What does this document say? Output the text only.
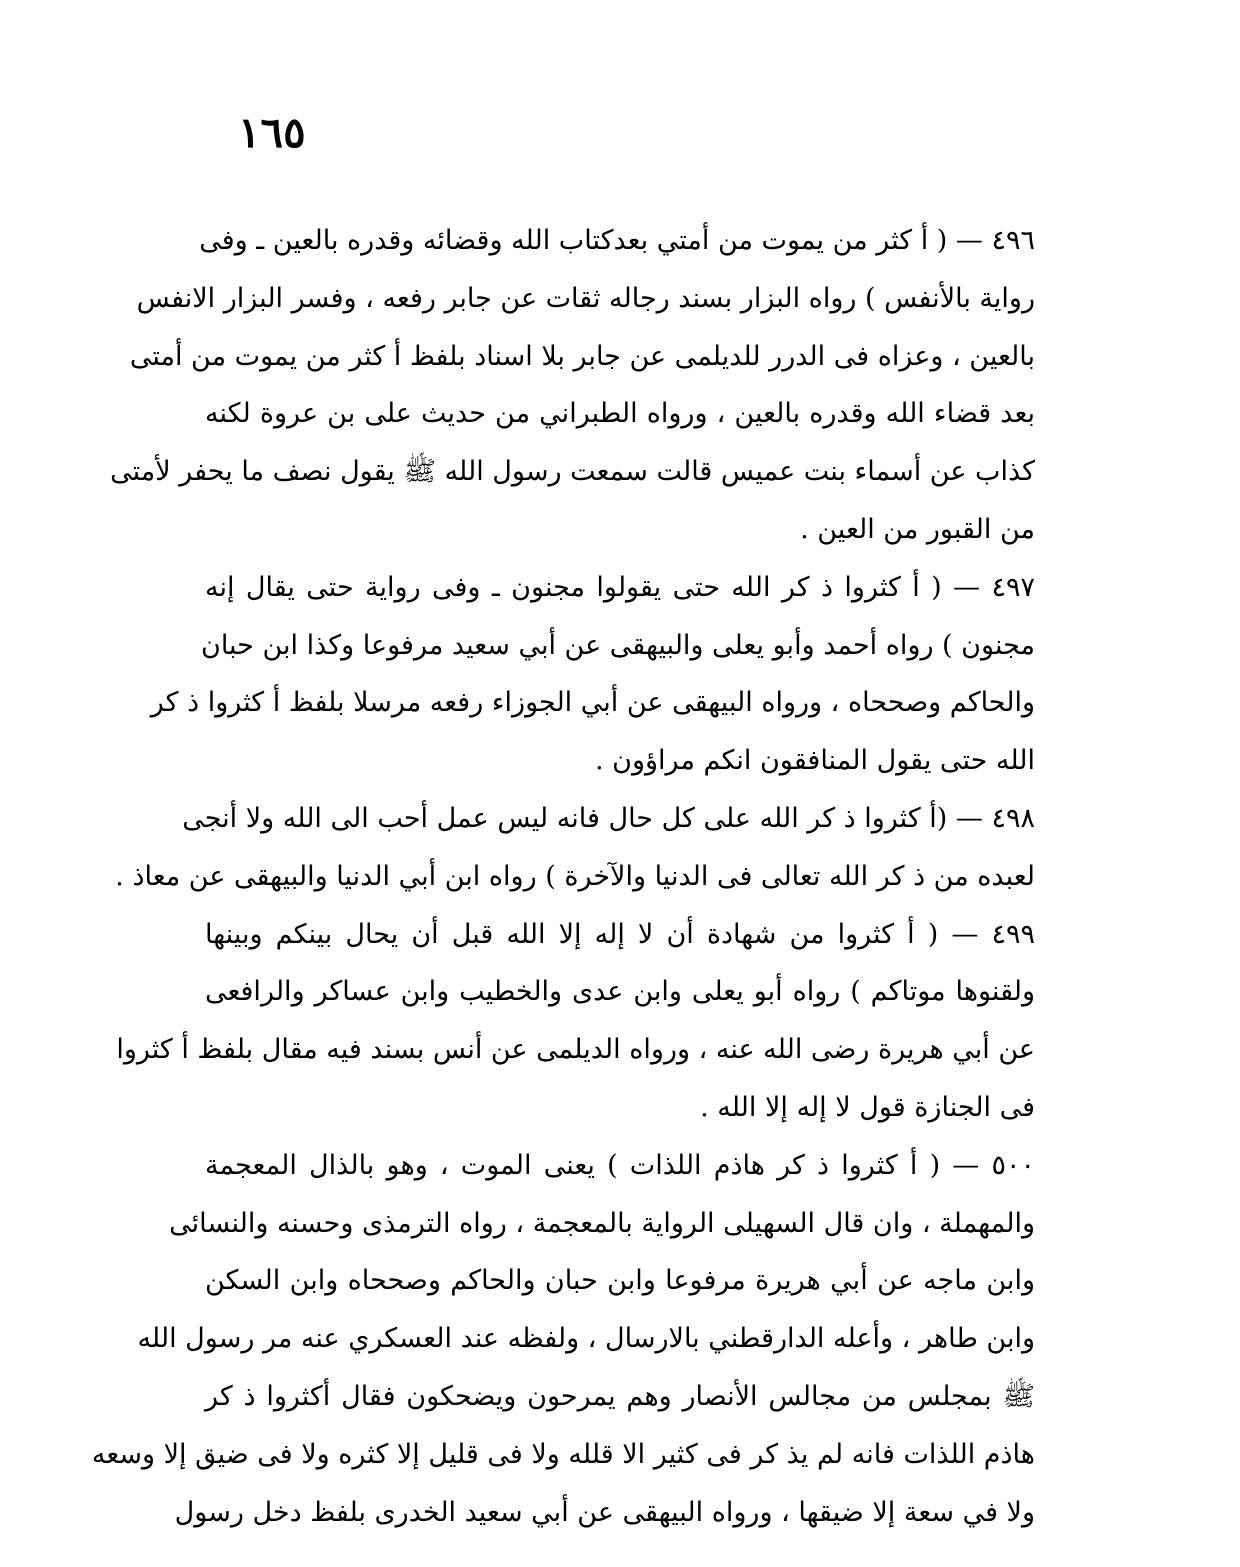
١٦٥
٤٩٦ — ( أ كثر من يموت من أمتي بعدكتاب الله وقضائه وقدره بالعين ـ وفى
رواية بالأنفس ) رواه البزار بسند رجاله ثقات عن جابر رفعه ، وفسر البزار الانفس
بالعين ، وعزاه فى الدرر للديلمى عن جابر بلا اسناد بلفظ أ كثر من يموت من أمتى
بعد قضاء الله وقدره بالعين ، ورواه الطبراني من حديث على بن عروة لكنه
كذاب عن أسماء بنت عميس قالت سمعت رسول الله ﷺ يقول نصف ما يحفر لأمتى
من القبور من العين .
٤٩٧ — ( أ كثروا ذ كر الله حتى يقولوا مجنون ـ وفى رواية حتى يقال إنه
مجنون ) رواه أحمد وأبو يعلى والبيهقى عن أبي سعيد مرفوعا وكذا ابن حبان
والحاكم وصححاه ، ورواه البيهقى عن أبي الجوزاء رفعه مرسلا بلفظ أ كثروا ذ كر
الله حتى يقول المنافقون انكم مراؤون .
٤٩٨ — (أ كثروا ذ كر الله على كل حال فانه ليس عمل أحب الى الله ولا أنجى
لعبده من ذ كر الله تعالى فى الدنيا والآخرة ) رواه ابن أبي الدنيا والبيهقى عن معاذ .
٤٩٩ — ( أ كثروا من شهادة أن لا إله إلا الله قبل أن يحال بينكم وبينها
ولقنوها موتاكم ) رواه أبو يعلى وابن عدى والخطيب وابن عساكر والرافعى
عن أبي هريرة رضى الله عنه ، ورواه الديلمى عن أنس بسند فيه مقال بلفظ أ كثروا
فى الجنازة قول لا إله إلا الله .
٥٠٠ — ( أ كثروا ذ كر هاذم اللذات ) يعنى الموت ، وهو بالذال المعجمة
والمهملة ، وان قال السهيلى الرواية بالمعجمة ، رواه الترمذى وحسنه والنسائى
وابن ماجه عن أبي هريرة مرفوعا وابن حبان والحاكم وصححاه وابن السكن
وابن طاهر ، وأعله الدارقطني بالارسال ، ولفظه عند العسكري عنه مر رسول الله
ﷺ بمجلس من مجالس الأنصار وهم يمرحون ويضحكون فقال أكثروا ذ كر
هاذم اللذات فانه لم يذ كر فى كثير الا قلله ولا فى قليل إلا كثره ولا فى ضيق إلا وسعه
ولا في سعة إلا ضيقها ، ورواه البيهقى عن أبي سعيد الخدرى بلفظ دخل رسول
